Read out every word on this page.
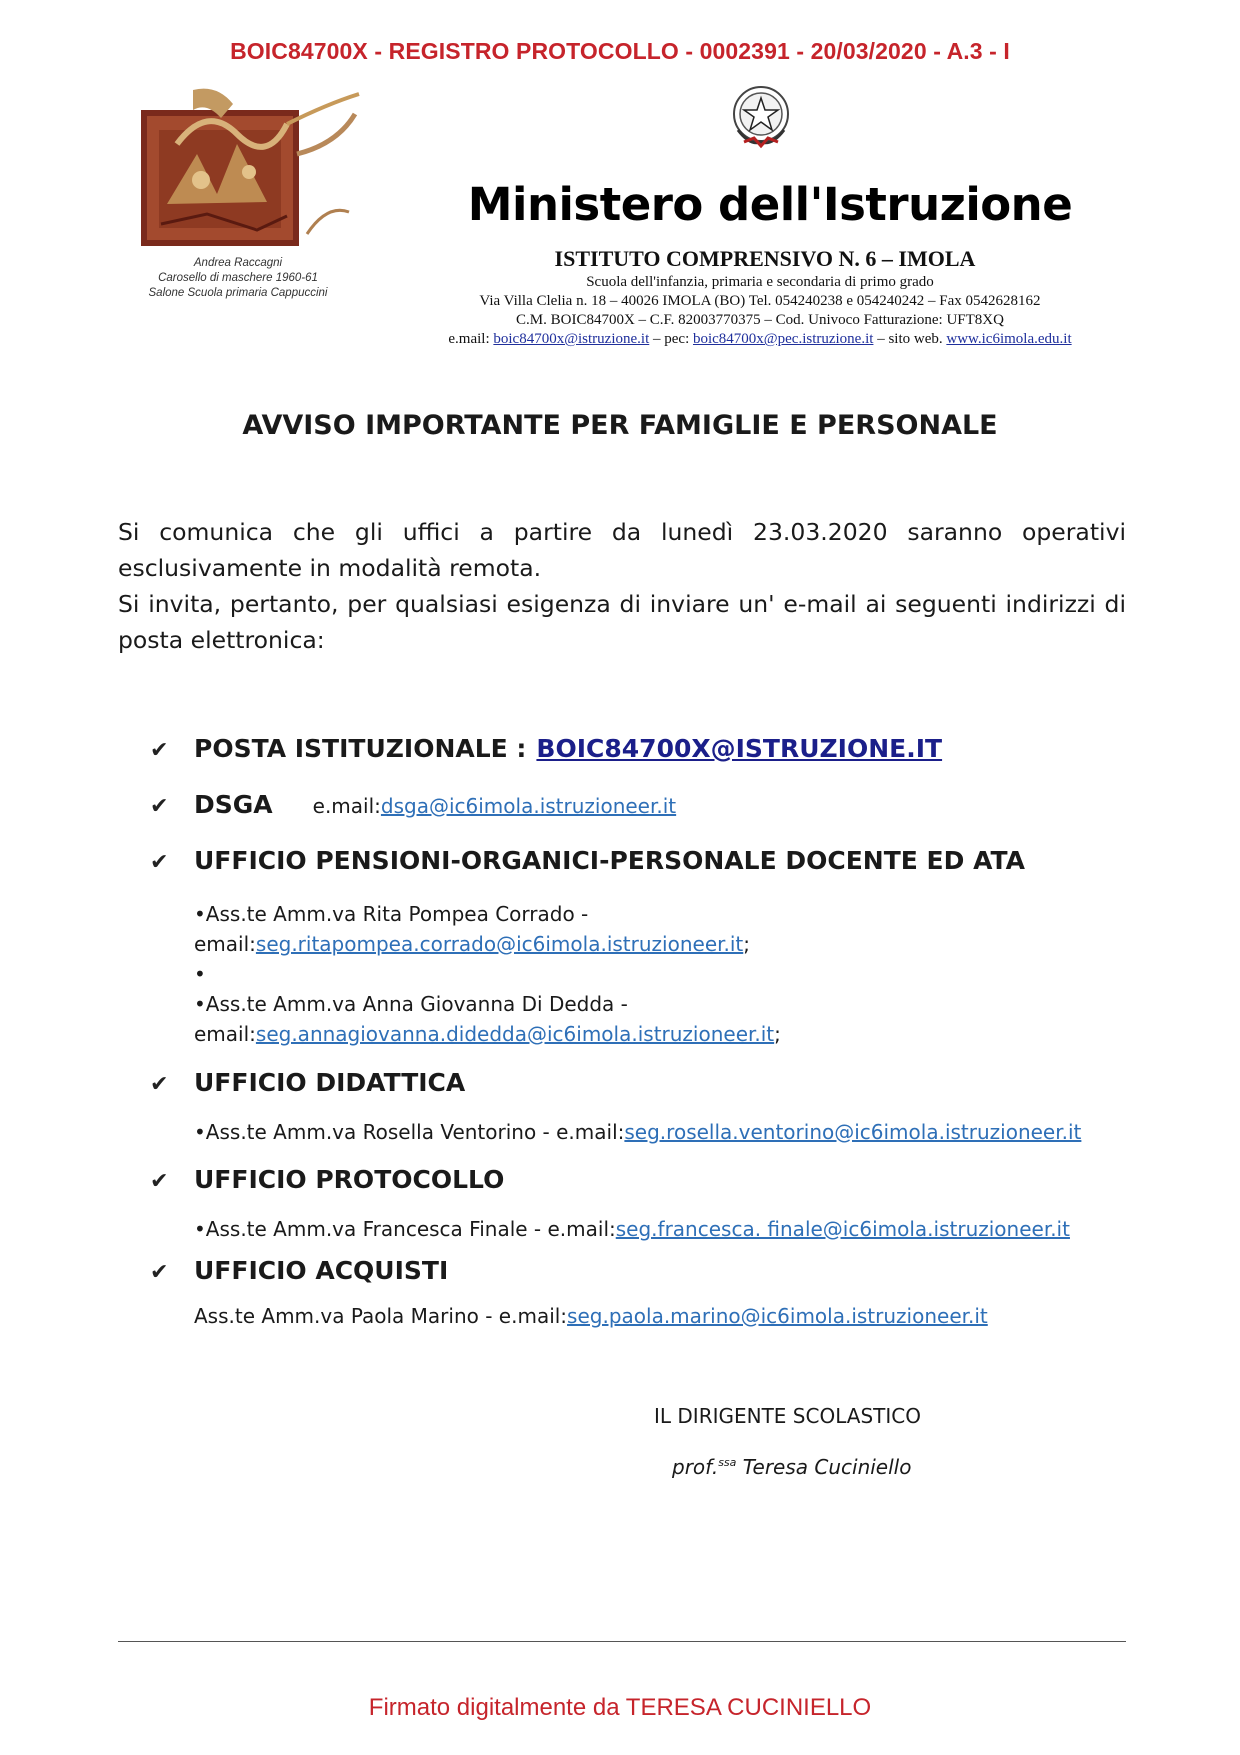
BOIC84700X - REGISTRO PROTOCOLLO - 0002391 - 20/03/2020 - A.3 - I
Andrea Raccagni
Carosello di maschere 1960-61
Salone Scuola primaria Cappuccini
Ministero dell'Istruzione
ISTITUTO COMPRENSIVO N. 6 – IMOLA
Scuola dell'infanzia, primaria e secondaria di primo grado
Via Villa Clelia n. 18 – 40026 IMOLA (BO) Tel. 054240238 e 054240242 – Fax 0542628162
C.M. BOIC84700X – C.F. 82003770375 – Cod. Univoco Fatturazione: UFT8XQ
e.mail: boic84700x@istruzione.it – pec: boic84700x@pec.istruzione.it – sito web. www.ic6imola.edu.it
AVVISO IMPORTANTE PER FAMIGLIE E PERSONALE

Si comunica che gli uffici a partire da lunedì 23.03.2020 saranno operativi esclusivamente in modalità remota.

Si invita, pertanto, per qualsiasi esigenza di inviare un' e-mail ai seguenti indirizzi di posta elettronica:

✔	POSTA ISTITUZIONALE : BOIC84700X@ISTRUZIONE.IT
✔	DSGA e.mail:dsga@ic6imola.istruzioneer.it
✔	UFFICIO PENSIONI-ORGANICI-PERSONALE DOCENTE ED ATA
•Ass.te Amm.va Rita Pompea Corrado -
email:seg.ritapompea.corrado@ic6imola.istruzioneer.it;
•
•Ass.te Amm.va Anna Giovanna Di Dedda -
email:seg.annagiovanna.didedda@ic6imola.istruzioneer.it;
✔	UFFICIO DIDATTICA
•Ass.te Amm.va Rosella Ventorino - e.mail:seg.rosella.ventorino@ic6imola.istruzioneer.it
✔	UFFICIO PROTOCOLLO
•Ass.te Amm.va Francesca Finale - e.mail:seg.francesca. finale@ic6imola.istruzioneer.it
✔	UFFICIO ACQUISTI
Ass.te Amm.va Paola Marino - e.mail:seg.paola.marino@ic6imola.istruzioneer.it
IL DIRIGENTE SCOLASTICO
prof.$^{ssa}$ Teresa Cuciniello
Firmato digitalmente da TERESA CUCINIELLO
